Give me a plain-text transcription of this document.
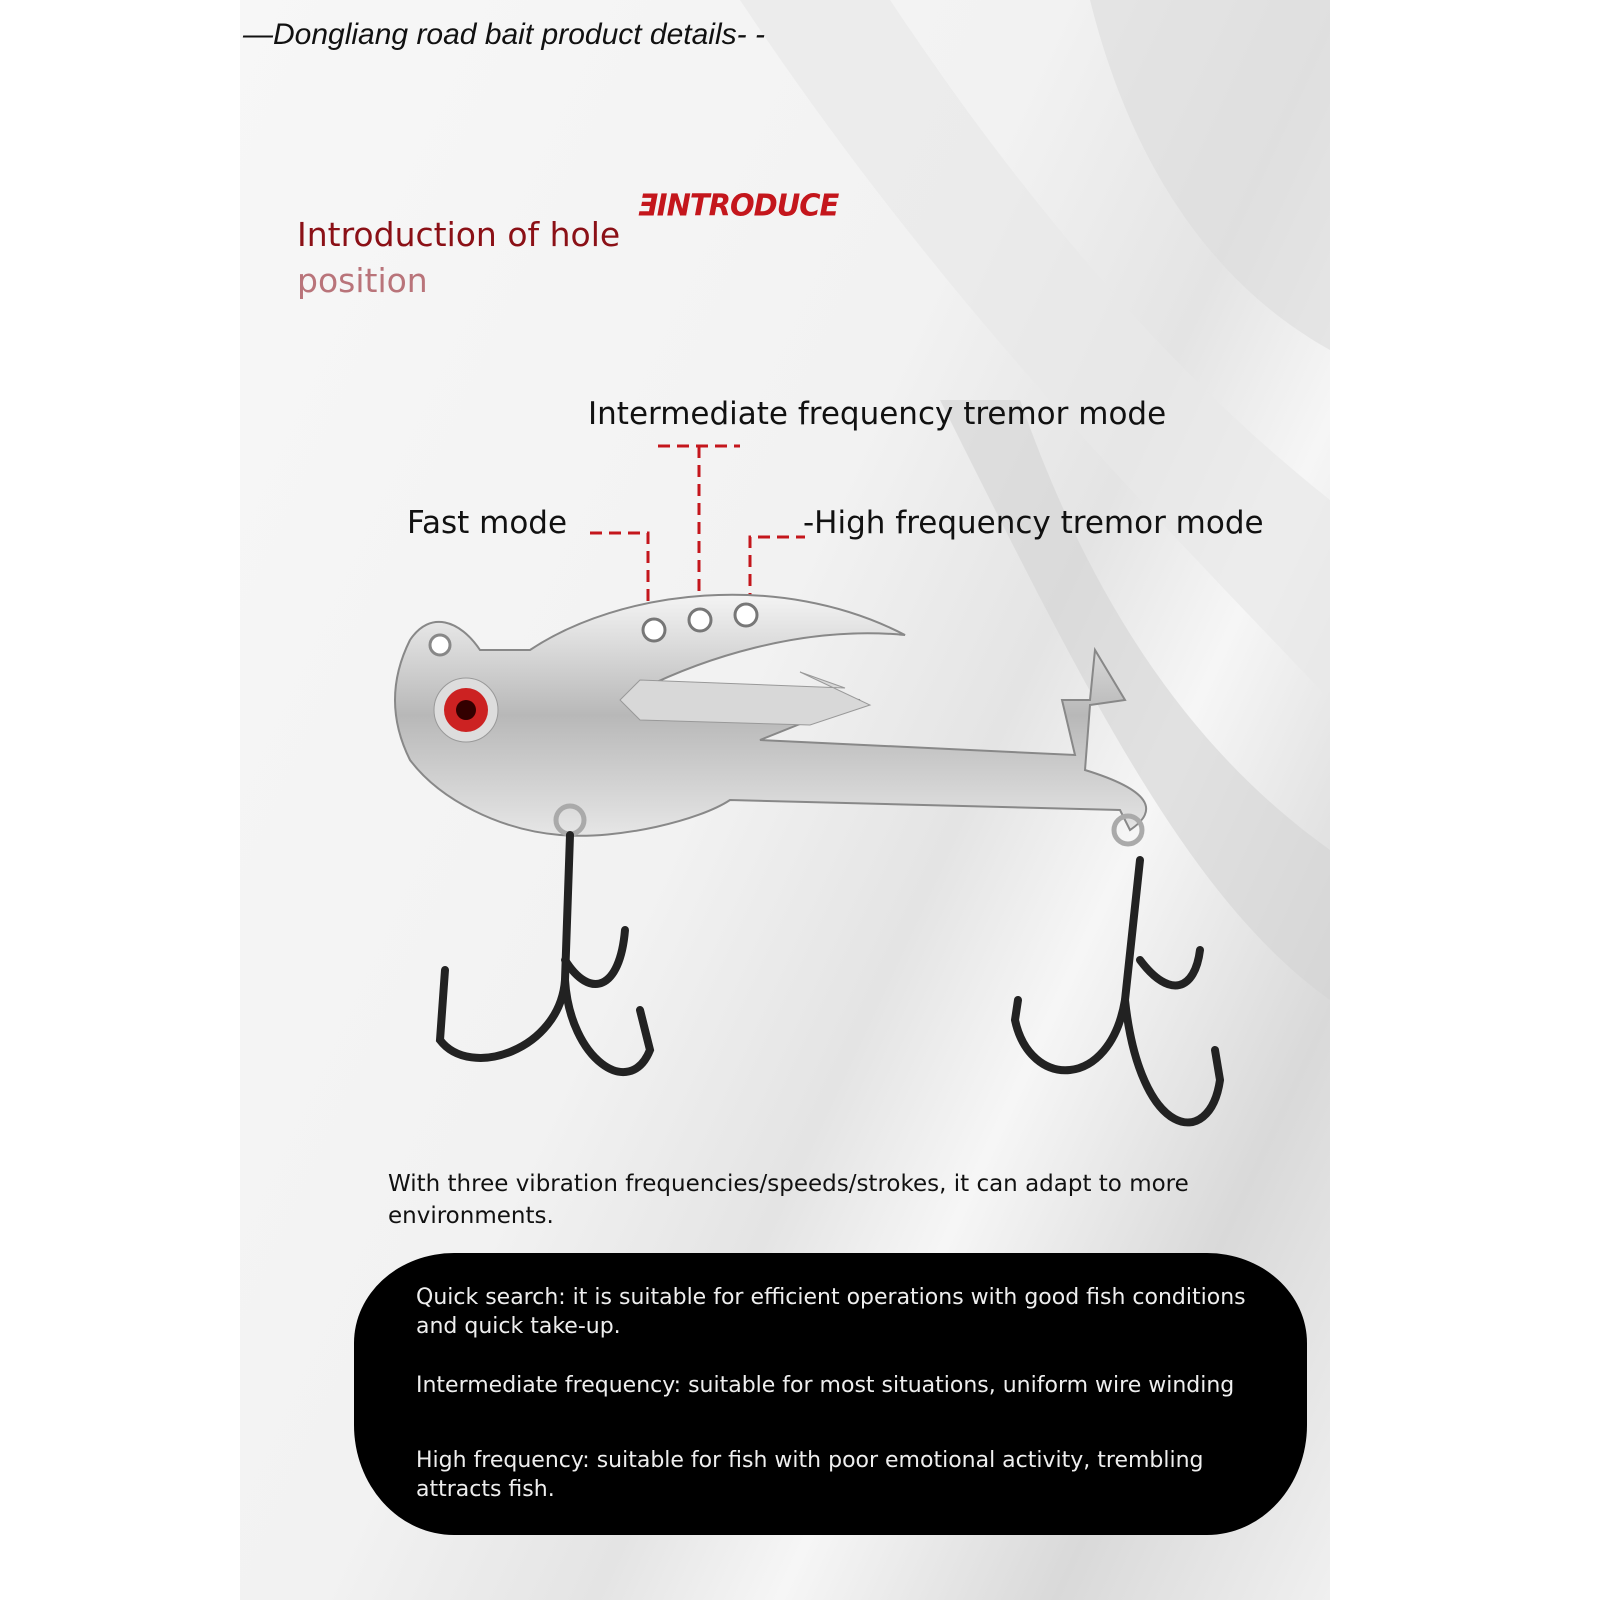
—Dongliang road bait product details- -
ƎINTRODUCE
Introduction of hole
position
Intermediate frequency tremor mode
Fast mode	-High frequency tremor mode
With three vibration frequencies/speeds/strokes, it can adapt to more environments.
Quick search: it is suitable for efficient operations with good fish conditions and quick take-up.
Intermediate frequency: suitable for most situations, uniform wire winding
High frequency: suitable for fish with poor emotional activity, trembling attracts fish.
